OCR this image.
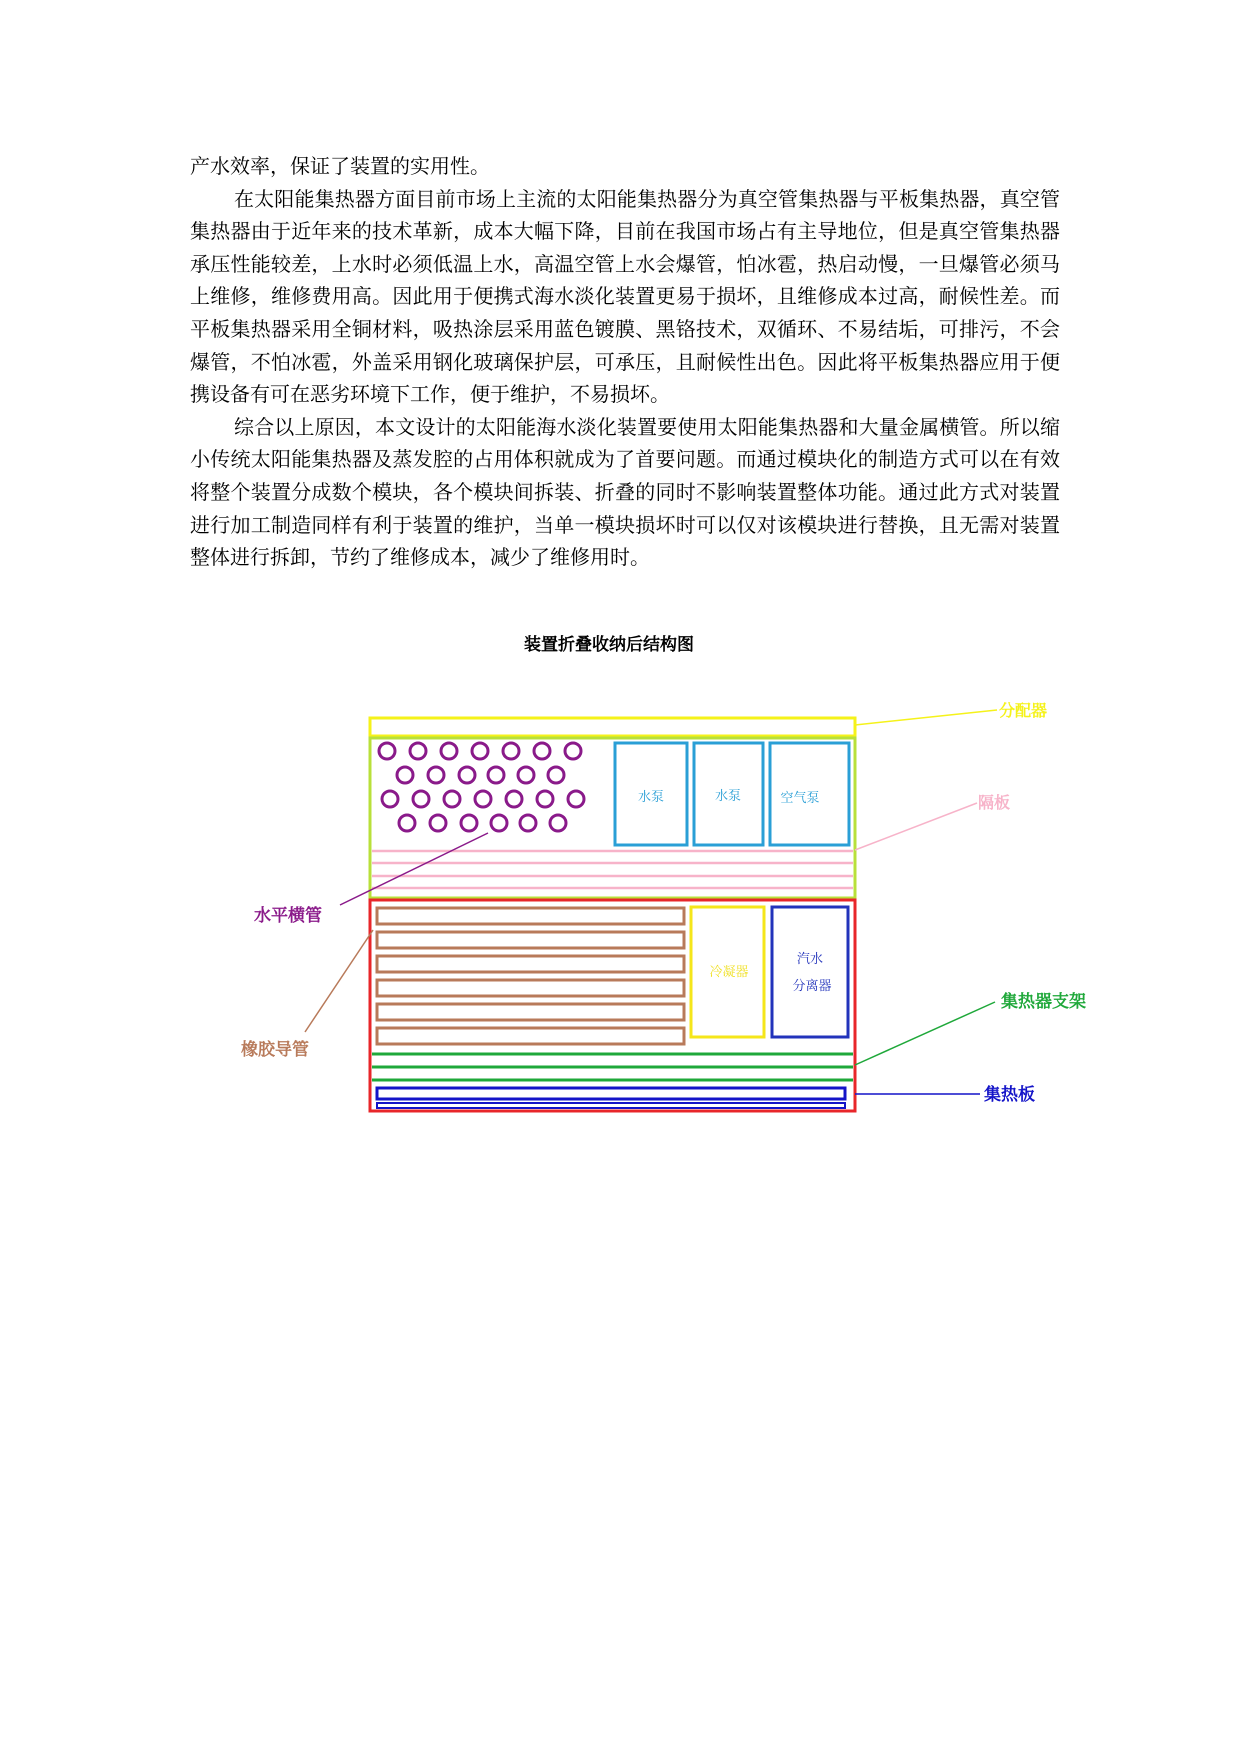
产水效率，保证了装置的实用性。

在太阳能集热器方面目前市场上主流的太阳能集热器分为真空管集热器与平板集热器，真空管集热器由于近年来的技术革新，成本大幅下降，目前在我国市场占有主导地位，但是真空管集热器承压性能较差，上水时必须低温上水，高温空管上水会爆管，怕冰雹，热启动慢，一旦爆管必须马上维修，维修费用高。因此用于便携式海水淡化装置更易于损坏，且维修成本过高，耐候性差。而平板集热器采用全铜材料，吸热涂层采用蓝色镀膜、黑铬技术，双循环、不易结垢，可排污，不会爆管，不怕冰雹，外盖采用钢化玻璃保护层，可承压，且耐候性出色。因此将平板集热器应用于便携设备有可在恶劣环境下工作，便于维护，不易损坏。

综合以上原因，本文设计的太阳能海水淡化装置要使用太阳能集热器和大量金属横管。所以缩小传统太阳能集热器及蒸发腔的占用体积就成为了首要问题。而通过模块化的制造方式可以在有效将整个装置分成数个模块，各个模块间拆装、折叠的同时不影响装置整体功能。通过此方式对装置进行加工制造同样有利于装置的维护，当单一模块损坏时可以仅对该模块进行替换，且无需对装置整体进行拆卸，节约了维修成本，减少了维修用时。

装置折叠收纳后结构图
水泵	水泵	空气泵
冷凝器
汽水
分离器
分配器
隔板
水平横管
橡胶导管
集热器支架
集热板
